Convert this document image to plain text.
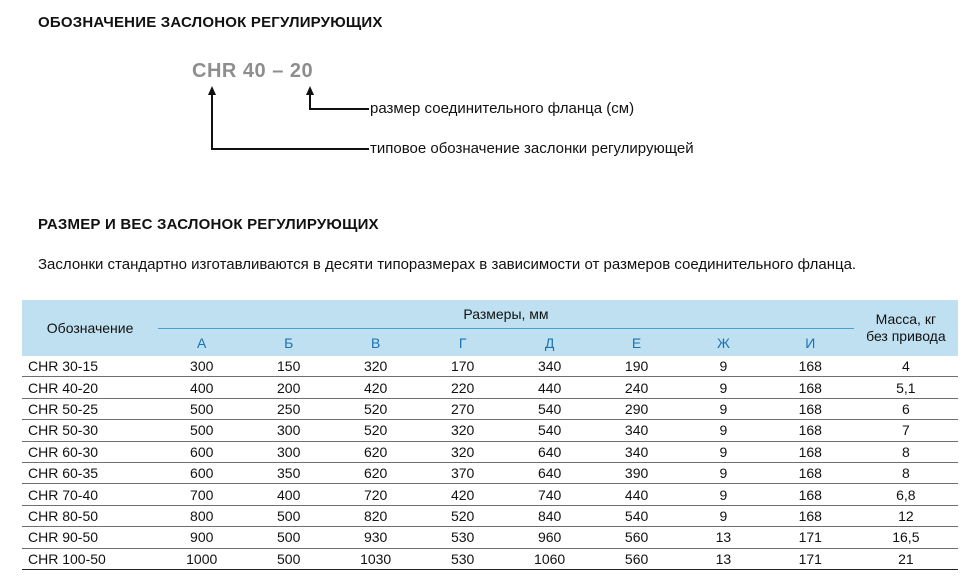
ОБОЗНАЧЕНИЕ ЗАСЛОНОК РЕГУЛИРУЮЩИХ
CHR 40 – 20
размер соединительного фланца (см)
типовое обозначение заслонки регулирующей
РАЗМЕР И ВЕС ЗАСЛОНОК РЕГУЛИРУЮЩИХ
Заслонки стандартно изготавливаются в десяти типоразмерах в зависимости от размеров соединительного фланца.
Обозначение	Размеры, мм								Масса, кг
без привода
	А	Б	В	Г	Д	Е	Ж	И	
CHR 30-15	300	150	320	170	340	190	9	168	4
CHR 40-20	400	200	420	220	440	240	9	168	5,1
CHR 50-25	500	250	520	270	540	290	9	168	6
CHR 50-30	500	300	520	320	540	340	9	168	7
CHR 60-30	600	300	620	320	640	340	9	168	8
CHR 60-35	600	350	620	370	640	390	9	168	8
CHR 70-40	700	400	720	420	740	440	9	168	6,8
CHR 80-50	800	500	820	520	840	540	9	168	12
CHR 90-50	900	500	930	530	960	560	13	171	16,5
CHR 100-50	1000	500	1030	530	1060	560	13	171	21
